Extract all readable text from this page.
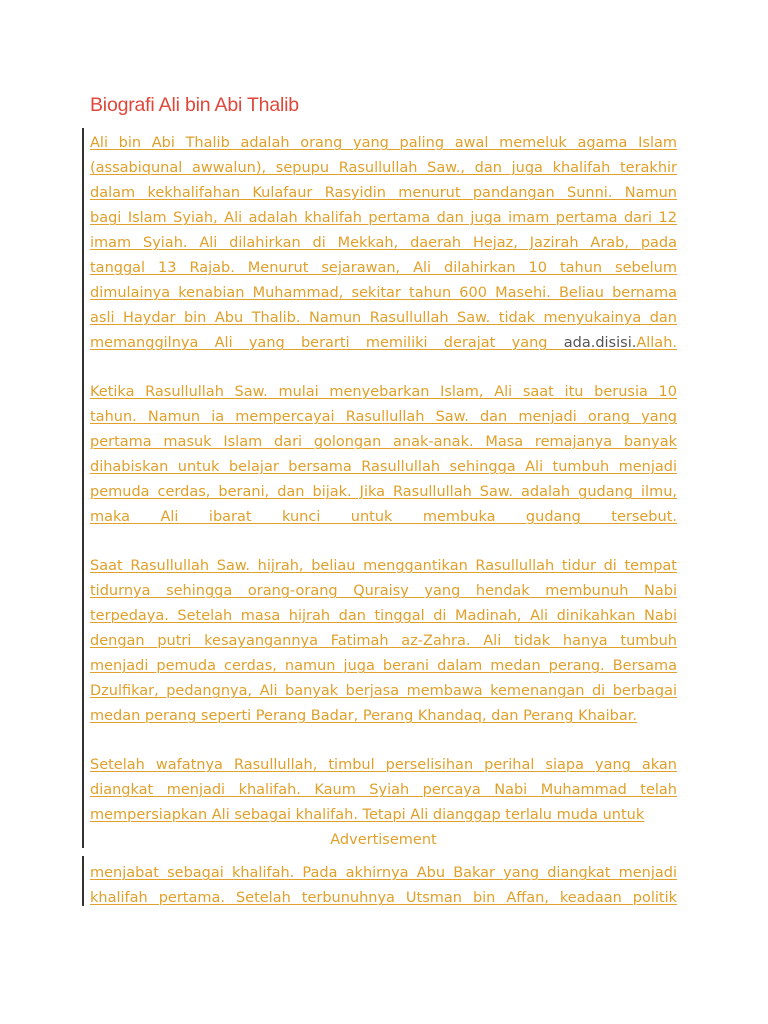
Biografi Ali bin Abi Thalib
Ali bin Abi Thalib adalah orang yang paling awal memeluk agama Islam
(assabiqunal awwalun), sepupu Rasullullah Saw., dan juga khalifah terakhir
dalam kekhalifahan Kulafaur Rasyidin menurut pandangan Sunni. Namun
bagi Islam Syiah, Ali adalah khalifah pertama dan juga imam pertama dari 12
imam Syiah. Ali dilahirkan di Mekkah, daerah Hejaz, Jazirah Arab, pada
tanggal 13 Rajab. Menurut sejarawan, Ali dilahirkan 10 tahun sebelum
dimulainya kenabian Muhammad, sekitar tahun 600 Masehi. Beliau bernama
asli Haydar bin Abu Thalib. Namun Rasullullah Saw. tidak menyukainya dan
memanggilnya Ali yang berarti memiliki derajat yang ada.disisi.Allah.
Ketika Rasullullah Saw. mulai menyebarkan Islam, Ali saat itu berusia 10
tahun. Namun ia mempercayai Rasullullah Saw. dan menjadi orang yang
pertama masuk Islam dari golongan anak-anak. Masa remajanya banyak
dihabiskan untuk belajar bersama Rasullullah sehingga Ali tumbuh menjadi
pemuda cerdas, berani, dan bijak. Jika Rasullullah Saw. adalah gudang ilmu,
maka Ali ibarat kunci untuk membuka gudang tersebut.
Saat Rasullullah Saw. hijrah, beliau menggantikan Rasullullah tidur di tempat
tidurnya sehingga orang-orang Quraisy yang hendak membunuh Nabi
terpedaya. Setelah masa hijrah dan tinggal di Madinah, Ali dinikahkan Nabi
dengan putri kesayangannya Fatimah az-Zahra. Ali tidak hanya tumbuh
menjadi pemuda cerdas, namun juga berani dalam medan perang. Bersama
Dzulfikar, pedangnya, Ali banyak berjasa membawa kemenangan di berbagai
medan perang seperti Perang Badar, Perang Khandaq, dan Perang Khaibar.
Setelah wafatnya Rasullullah, timbul perselisihan perihal siapa yang akan
diangkat menjadi khalifah. Kaum Syiah percaya Nabi Muhammad telah
mempersiapkan Ali sebagai khalifah. Tetapi Ali dianggap terlalu muda untuk
Advertisement
menjabat sebagai khalifah. Pada akhirnya Abu Bakar yang diangkat menjadi
khalifah pertama. Setelah terbunuhnya Utsman bin Affan, keadaan politik
